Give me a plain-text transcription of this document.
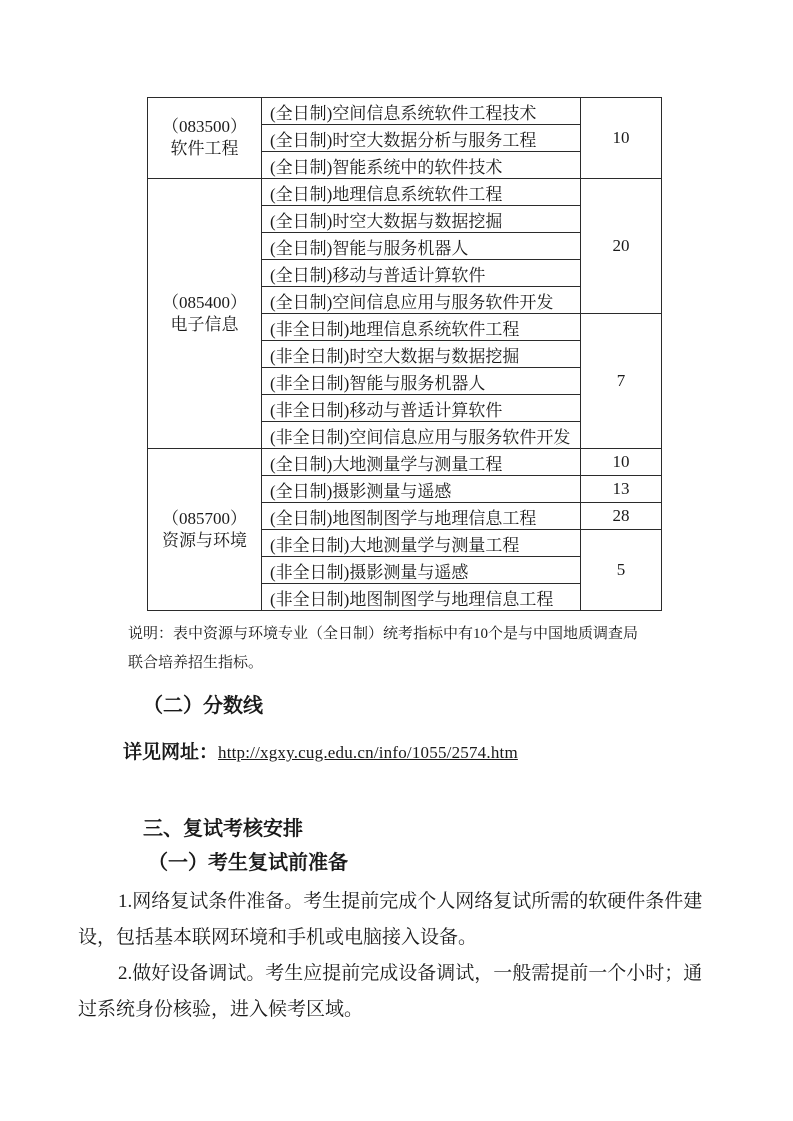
（083500）
软件工程	(全日制)空间信息系统软件工程技术	10
	(全日制)时空大数据分析与服务工程	
	(全日制)智能系统中的软件技术	

（085400）
电子信息	(全日制)地理信息系统软件工程	20
	(全日制)时空大数据与数据挖掘	
	(全日制)智能与服务机器人	
	(全日制)移动与普适计算软件	
	(全日制)空间信息应用与服务软件开发	
	(非全日制)地理信息系统软件工程	7
	(非全日制)时空大数据与数据挖掘	
	(非全日制)智能与服务机器人	
	(非全日制)移动与普适计算软件	
	(非全日制)空间信息应用与服务软件开发	

（085700）
资源与环境	(全日制)大地测量学与测量工程	10
	(全日制)摄影测量与遥感	13
	(全日制)地图制图学与地理信息工程	28
	(非全日制)大地测量学与测量工程	5
	(非全日制)摄影测量与遥感	
	(非全日制)地图制图学与地理信息工程	
说明：表中资源与环境专业（全日制）统考指标中有10个是与中国地质调查局
联合培养招生指标。
（二）分数线
详见网址：http://xgxy.cug.edu.cn/info/1055/2574.htm
三、复试考核安排
（一）考生复试前准备
1.网络复试条件准备。考生提前完成个人网络复试所需的软硬件条件建
设，包括基本联网环境和手机或电脑接入设备。
2.做好设备调试。考生应提前完成设备调试，一般需提前一个小时；通
过系统身份核验，进入候考区域。
